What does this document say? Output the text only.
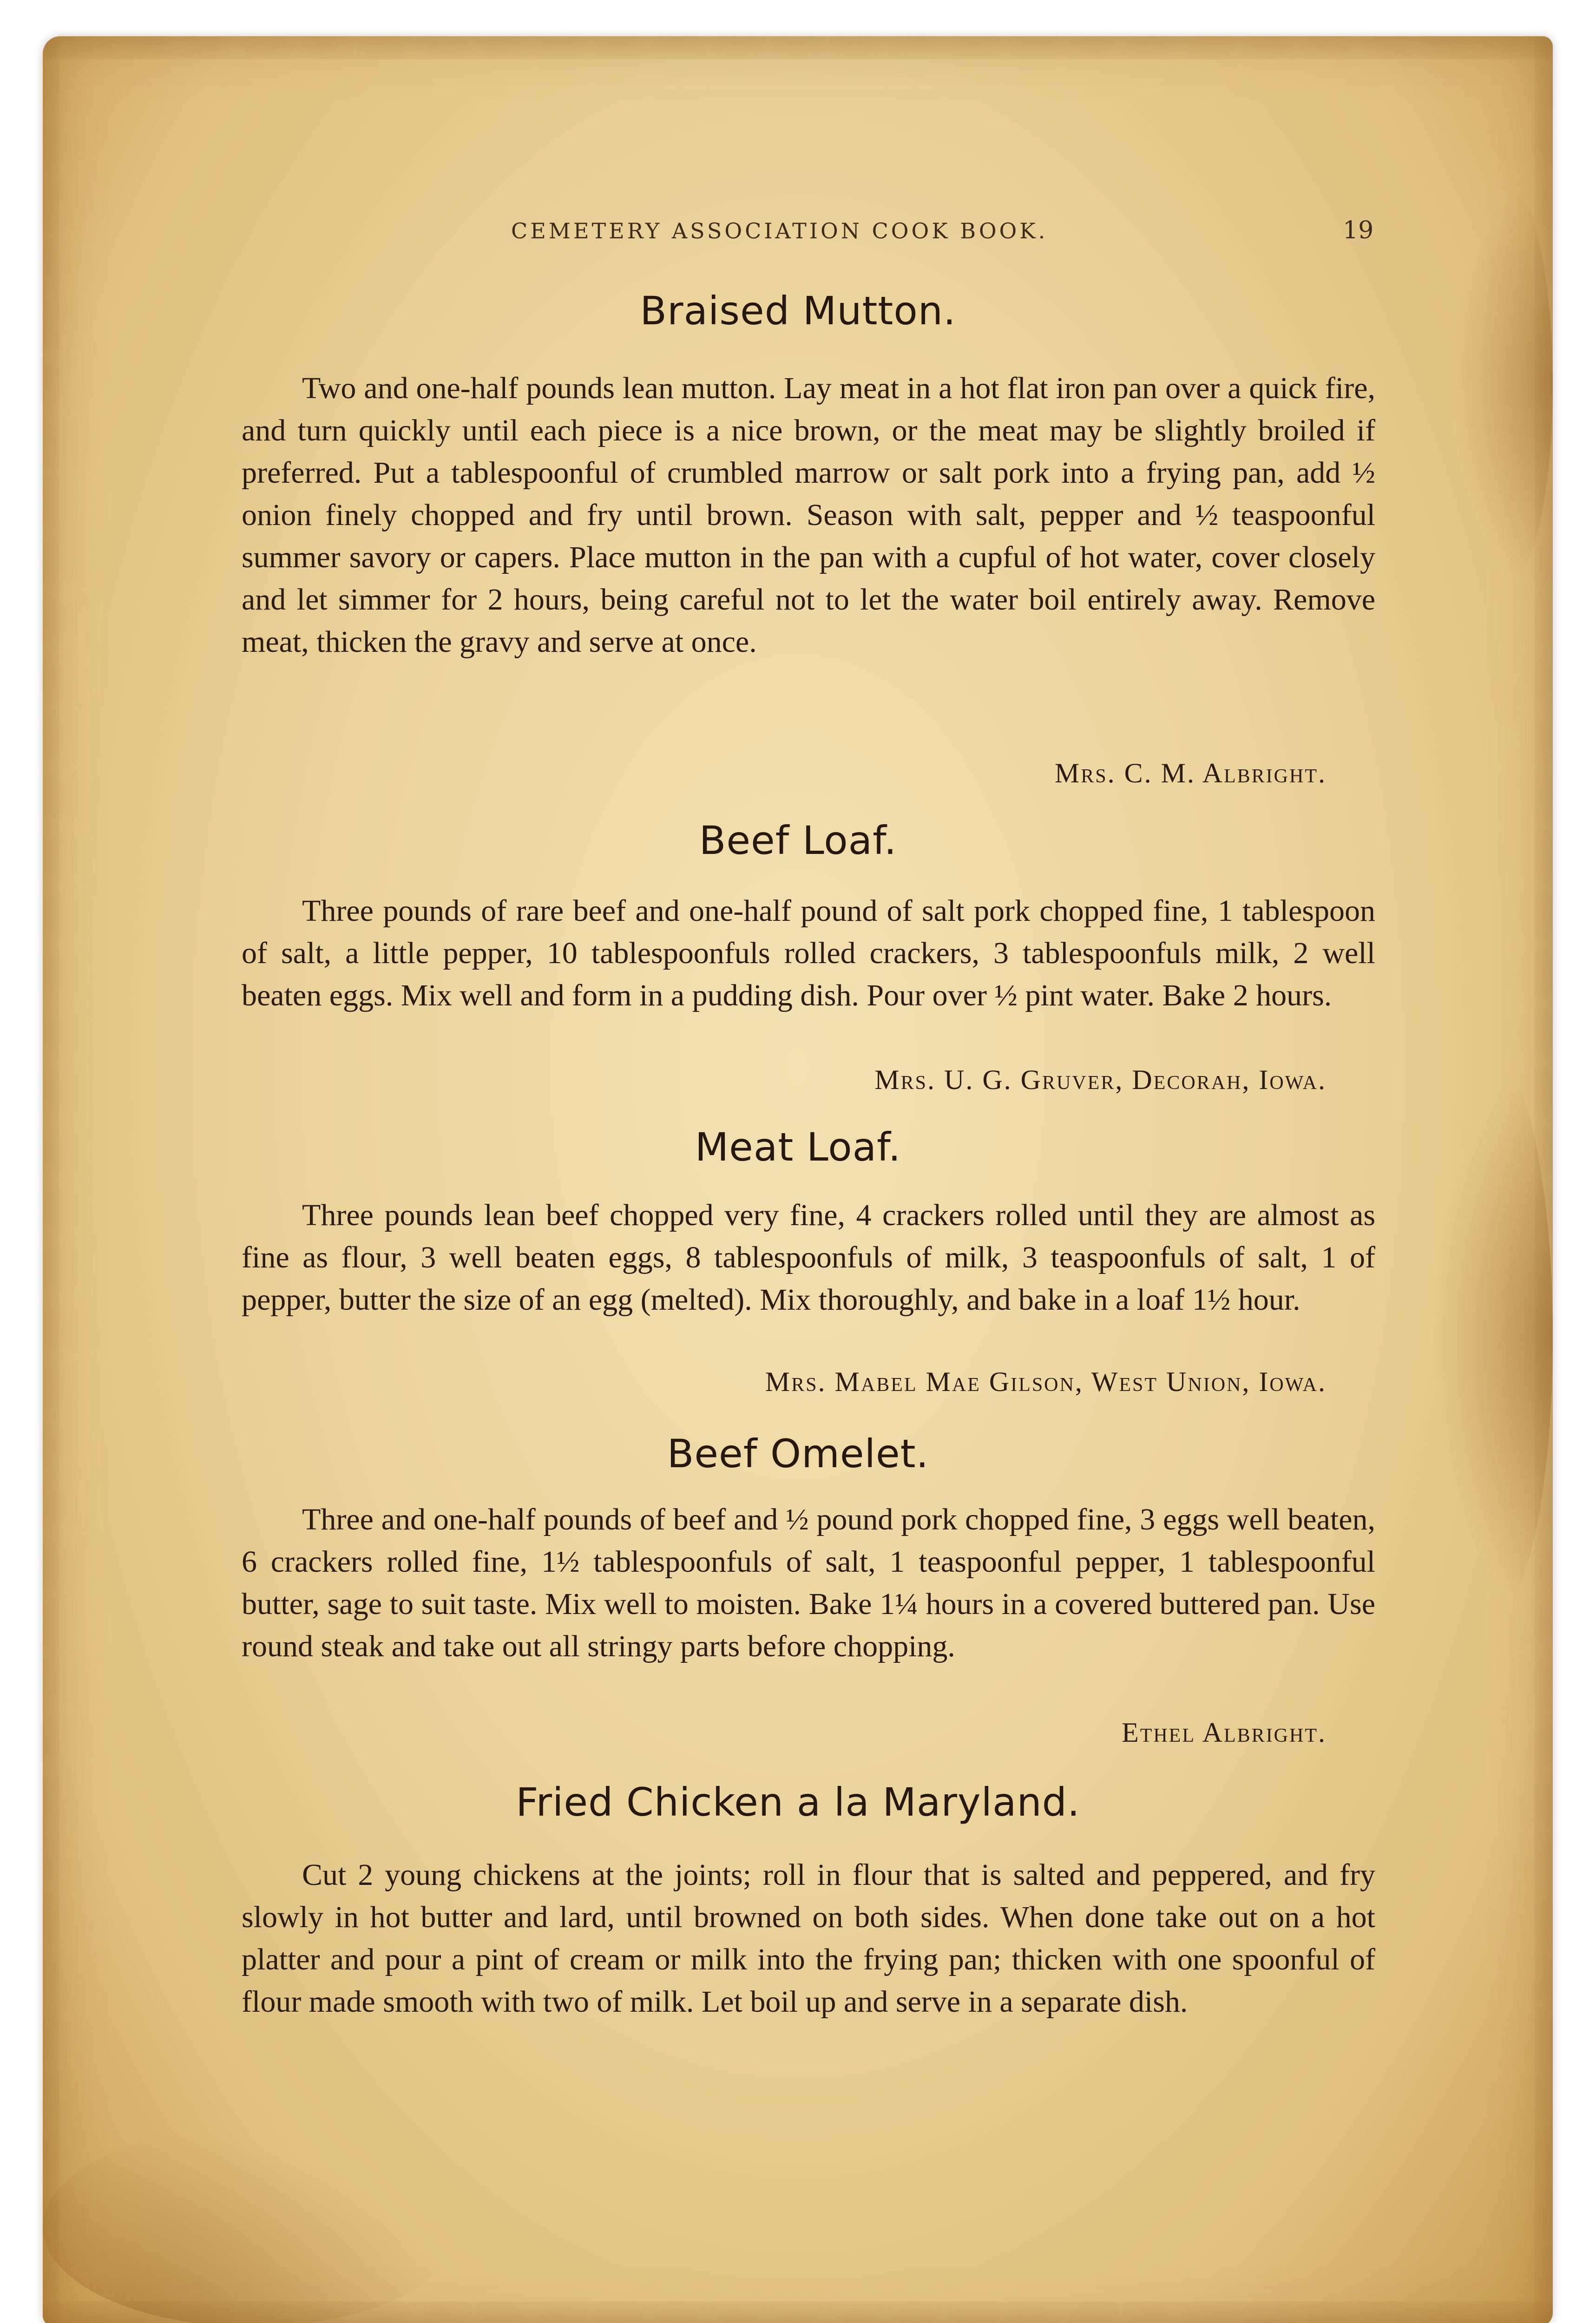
CEMETERY ASSOCIATION COOK BOOK.	19
Braised Mutton.

Two and one-half pounds lean mutton. Lay meat in a hot flat iron pan over a quick fire, and turn quickly until each piece is a nice brown, or the meat may be slightly broiled if preferred. Put a tablespoonful of crumbled marrow or salt pork into a frying pan, add ½ onion finely chopped and fry until brown. Season with salt, pepper and ½ teaspoonful summer savory or capers. Place mutton in the pan with a cupful of hot water, cover closely and let simmer for 2 hours, being careful not to let the water boil entirely away. Remove meat, thicken the gravy and serve at once.

Mrs. C. M. Albright.
Beef Loaf.

Three pounds of rare beef and one-half pound of salt pork chopped fine, 1 tablespoon of salt, a little pepper, 10 tablespoonfuls rolled crackers, 3 tablespoonfuls milk, 2 well beaten eggs. Mix well and form in a pudding dish. Pour over ½ pint water. Bake 2 hours.

Mrs. U. G. Gruver, Decorah, Iowa.
Meat Loaf.

Three pounds lean beef chopped very fine, 4 crackers rolled until they are almost as fine as flour, 3 well beaten eggs, 8 tablespoonfuls of milk, 3 teaspoonfuls of salt, 1 of pepper, butter the size of an egg (melted). Mix thoroughly, and bake in a loaf 1½ hour.

Mrs. Mabel Mae Gilson, West Union, Iowa.
Beef Omelet.

Three and one-half pounds of beef and ½ pound pork chopped fine, 3 eggs well beaten, 6 crackers rolled fine, 1½ tablespoonfuls of salt, 1 teaspoonful pepper, 1 tablespoonful butter, sage to suit taste. Mix well to moisten. Bake 1¼ hours in a covered buttered pan. Use round steak and take out all stringy parts before chopping.

Ethel Albright.
Fried Chicken a la Maryland.

Cut 2 young chickens at the joints; roll in flour that is salted and peppered, and fry slowly in hot butter and lard, until browned on both sides. When done take out on a hot platter and pour a pint of cream or milk into the frying pan; thicken with one spoonful of flour made smooth with two of milk. Let boil up and serve in a separate dish.
